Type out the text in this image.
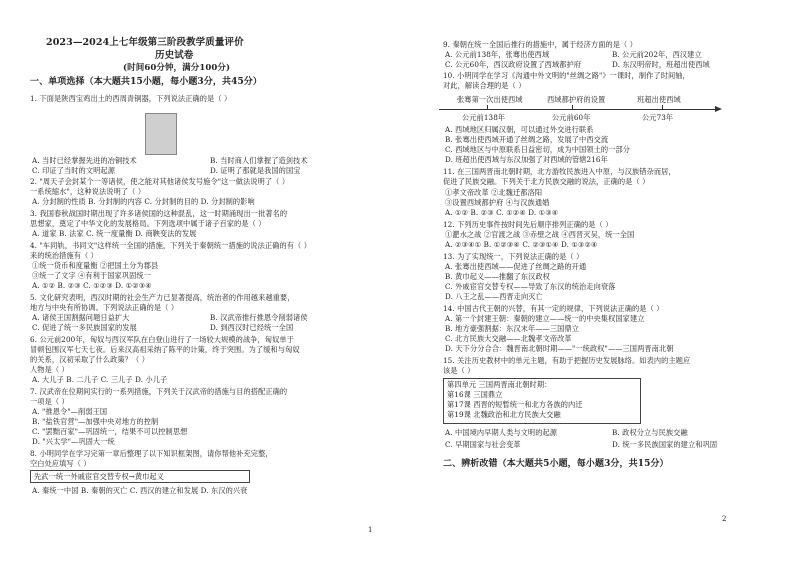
2023—2024上七年级第三阶段教学质量评价
历史试卷
(时间60分钟，满分100分)
一、单项选择（本大题共15小题，每小题3分，共45分）
1. 下面是陕西宝鸡出土的西周青铜器，下列说法正确的是（ ）
A. 当时已经掌握先进的冶铜技术	B. 当时商人们掌握了造剑技术
C. 印证了当时的文明起源	D. 证明了那就是我国的国宝
2. "周天子会封某个一等诸侯，使之能对其他诸侯发号施令"这一做法说明了（ ）
一系统缩水"，这种说法说明了（ ）
A. 分封制的性质 B. 分封制的内容 C. 分封制的目的 D. 分封制的影响
3. 我国春秋战国时期出现了许多诸侯国的这种混乱，这一时期涌现出一批著名的
思想家，奠定了中华文化的发展格局。下列选项中属于诸子百家的是（ ）
A. 道家 B. 法家 C. 统一度量衡 D. 商鞅变法的发展
4. "车同轨，书同文"这样统一全国的措施，下列关于秦朝统一措施的说法正确的有（ ）
来的统治措施有（ ）
①统一货币和度量衡 ②把国土分为郡县
③统一了文字 ④有利于国家巩固统一
A. ①② B. ②③ C. ①②③ D. ①②③④
5. 文化研究表明，西汉时期的社会生产力已显著提高，统治者的作用越来越重要，
地方与中央有所协调。下列说法正确的是（ ）
A. 诸侯王国割据问题日益扩大	B. 汉武帝推行推恩令削弱诸侯
C. 促进了统一多民族国家的发展	D. 到西汉时已经统一全国
6. 公元前200年，匈奴与西汉军队在白登山进行了一场较大规模的战争，匈奴单于
冒顿包围汉军七天七夜。后来汉高祖采纳了陈平的计策，终于突围。为了缓和与匈奴
的关系，汉初采取了什么政策？（ ）
人物是（ ）
A. 大儿子 B. 二儿子 C. 三儿子 D. 小儿子
7. 汉武帝在位期间实行的一系列措施，下列关于汉武帝的措施与目的搭配正确的
一项是（ ）
A. "推恩令"—削弱王国
B. "盐铁官营"—加强中央对地方的控制
C. "罢黜百家"—巩固统一，结果不可以控制思想
D. "兴太学"—巩固大一统
8. 小明同学在学习完第一章后整理了以下知识框架图，请你帮他补充完整，
空白处应填写（ ）
先武一统一外戚宦官交替专权→黄巾起义
A. 秦统一中国 B. 秦朝的灭亡 C. 西汉的建立和发展 D. 东汉的兴衰
1
9. 秦朝在统一全国后推行的措施中，属于经济方面的是（ ）
A. 公元前138年，张骞出使西域	B. 公元前202年，西汉建立
C. 公元60年，西汉政府设置了西域都护府	D. 东汉明帝时，班超出使西域
10. 小明同学在学习《沟通中外文明的"丝绸之路"》一课时，制作了时间轴，
对此，解读合理的是（ ）
张骞第一次出使西域	西域都护府的设置	班超出使西域
公元前138年	公元前60年	公元73年
A. 西域地区归属汉朝，可以通过外交进行联系
B. 张骞出使西域开通了丝绸之路，发展了中西交流
C. 西域地区与中原联系日益密切，成为中国领土的一部分
D. 班超出使西域与东汉加强了对西域的管辖216年
11. 在三国两晋南北朝时期，北方游牧民族进入中原，与汉族错杂而居，
促进了民族交融。下列关于北方民族交融的说法，正确的是（ ）
①孝文帝改革 ②北魏迁都洛阳
③设置西域都护府 ④与汉族通婚
A. ①② B. ②③ C. ①②④ D. ①③④
12. 下列历史事件按时间先后顺序排列正确的是（ ）
①淝水之战 ②官渡之战 ③赤壁之战 ④西晋灭吴，统一全国
A. ②③④① B. ①②③④ C. ②③①④ D. ①③②④
13. 为了实现统一，下列说法正确的是（ ）
A. 张骞出使西域——促进了丝绸之路的开通
B. 黄巾起义——推翻了东汉政权
C. 外戚宦官交替专权——导致了东汉的统治走向衰落
D. 八王之乱——西晋走向灭亡
14. 中国古代王朝的兴替，有其一定的规律，下列说法正确的是（ ）
A. 第一个封建王朝：秦朝的建立——统一的中央集权国家建立
B. 地方豪强割据：东汉末年——三国鼎立
C. 北方民族大交融——北魏孝文帝改革
D. 天下分分合合：魏晋南北朝时期——"一统政权"——三国两晋南北朝
15. 关注历史教材中的单元主题，有助于把握历史发展脉络。如表内的主题应
该是（ ）
第四单元 三国两晋南北朝时期：
第16课 三国鼎立
第17课 西晋的短暂统一和北方各族的内迁
第19课 北魏政治和北方民族大交融
A. 中国境内早期人类与文明的起源	B. 政权分立与民族交融
C. 早期国家与社会变革	D. 统一多民族国家的建立和巩固
二、辨析改错（本大题共5小题，每小题3分，共15分）
2
